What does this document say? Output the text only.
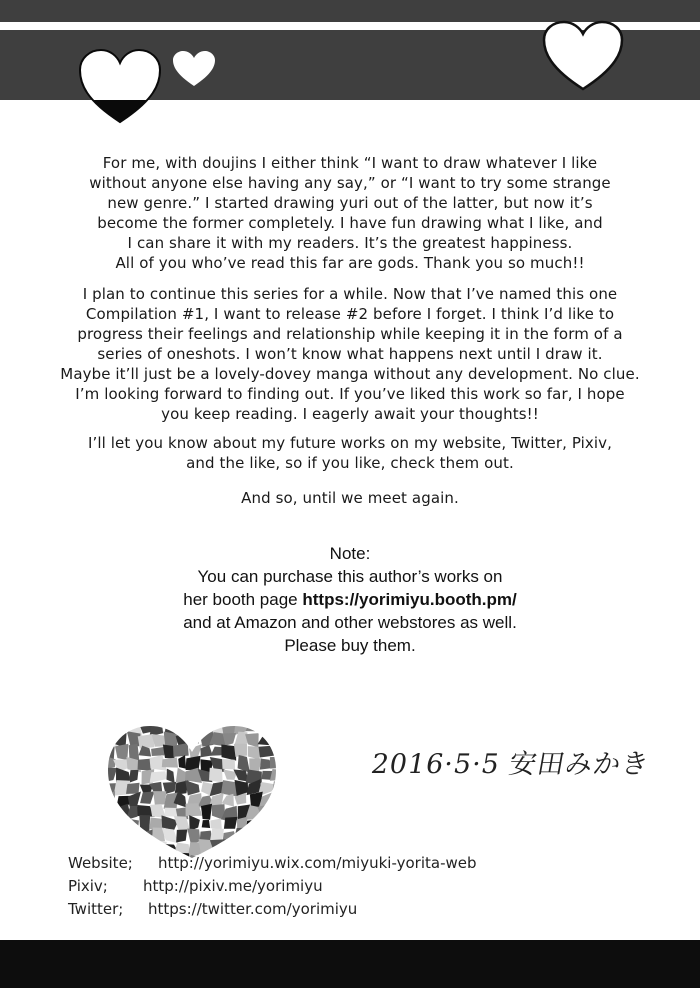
For me, with doujins I either think “I want to draw whatever I like
without anyone else having any say,” or “I want to try some strange
new genre.” I started drawing yuri out of the latter, but now it’s
become the former completely. I have fun drawing what I like, and
I can share it with my readers. It’s the greatest happiness.
All of you who’ve read this far are gods. Thank you so much!!

I plan to continue this series for a while. Now that I’ve named this one
Compilation #1, I want to release #2 before I forget. I think I’d like to
progress their feelings and relationship while keeping it in the form of a
series of oneshots. I won’t know what happens next until I draw it.
Maybe it’ll just be a lovely-dovey manga without any development. No clue.
I’m looking forward to finding out. If you’ve liked this work so far, I hope
you keep reading. I eagerly await your thoughts!!

I’ll let you know about my future works on my website, Twitter, Pixiv,
and the like, so if you like, check them out.

And so, until we meet again.

Note:

You can purchase this author’s works on

her booth page https://yorimiyu.booth.pm/

and at Amazon and other webstores as well.

Please buy them.

2016·5·5 安田みかき
Website; http://yorimiyu.wix.com/miyuki-yorita-web
Pixiv; http://pixiv.me/yorimiyu
Twitter; https://twitter.com/yorimiyu
